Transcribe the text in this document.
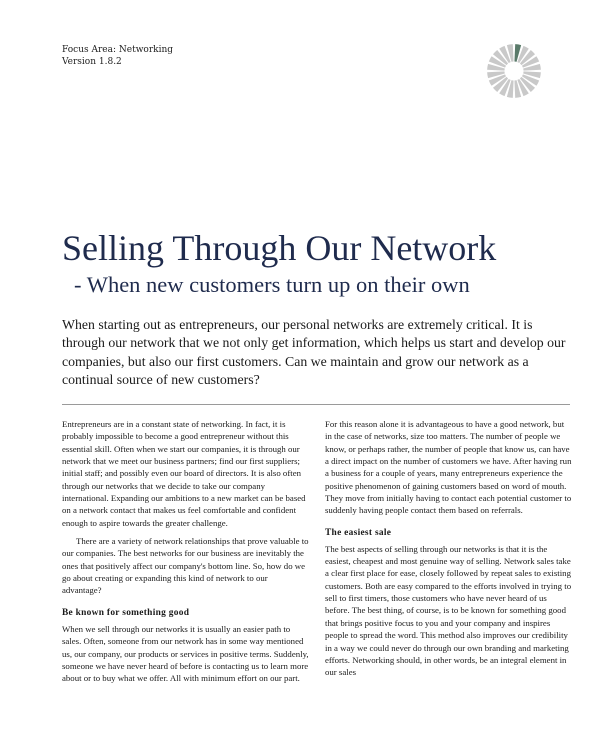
Focus Area: Networking
Version 1.8.2
Selling Through Our Network
- When new customers turn up on their own

When starting out as entrepreneurs, our personal networks are extremely critical. It is through our network that we not only get information, which helps us start and develop our companies, but also our first customers. Can we maintain and grow our network as a continual source of new customers?

Entrepreneurs are in a constant state of networking. In fact, it is probably impossible to become a good entrepreneur without this essential skill. Often when we start our companies, it is through our network that we meet our business partners; find our first suppliers; initial staff; and possibly even our board of directors. It is also often through our networks that we decide to take our company international. Expanding our ambitions to a new market can be based on a network contact that makes us feel comfortable and confident enough to aspire towards the greater challenge.

There are a variety of network relationships that prove valuable to our companies. The best networks for our business are inevitably the ones that positively affect our company's bottom line. So, how do we go about creating or expanding this kind of network to our advantage?

Be known for something good

When we sell through our networks it is usually an easier path to sales. Often, someone from our network has in some way mentioned us, our company, our products or services in positive terms. Suddenly, someone we have never heard of before is contacting us to learn more about or to buy what we offer. All with minimum effort on our part.

For this reason alone it is advantageous to have a good network, but in the case of networks, size too matters. The number of people we know, or perhaps rather, the number of people that know us, can have a direct impact on the number of customers we have. After having run a business for a couple of years, many entrepreneurs experience the positive phenomenon of gaining customers based on word of mouth. They move from initially having to contact each potential customer to suddenly having people contact them based on referrals.

The easiest sale

The best aspects of selling through our networks is that it is the easiest, cheapest and most genuine way of selling. Network sales take a clear first place for ease, closely followed by repeat sales to existing customers. Both are easy compared to the efforts involved in trying to sell to first timers, those customers who have never heard of us before. The best thing, of course, is to be known for something good that brings positive focus to you and your company and inspires people to spread the word. This method also improves our credibility in a way we could never do through our own branding and marketing efforts. Networking should, in other words, be an integral element in our sales
